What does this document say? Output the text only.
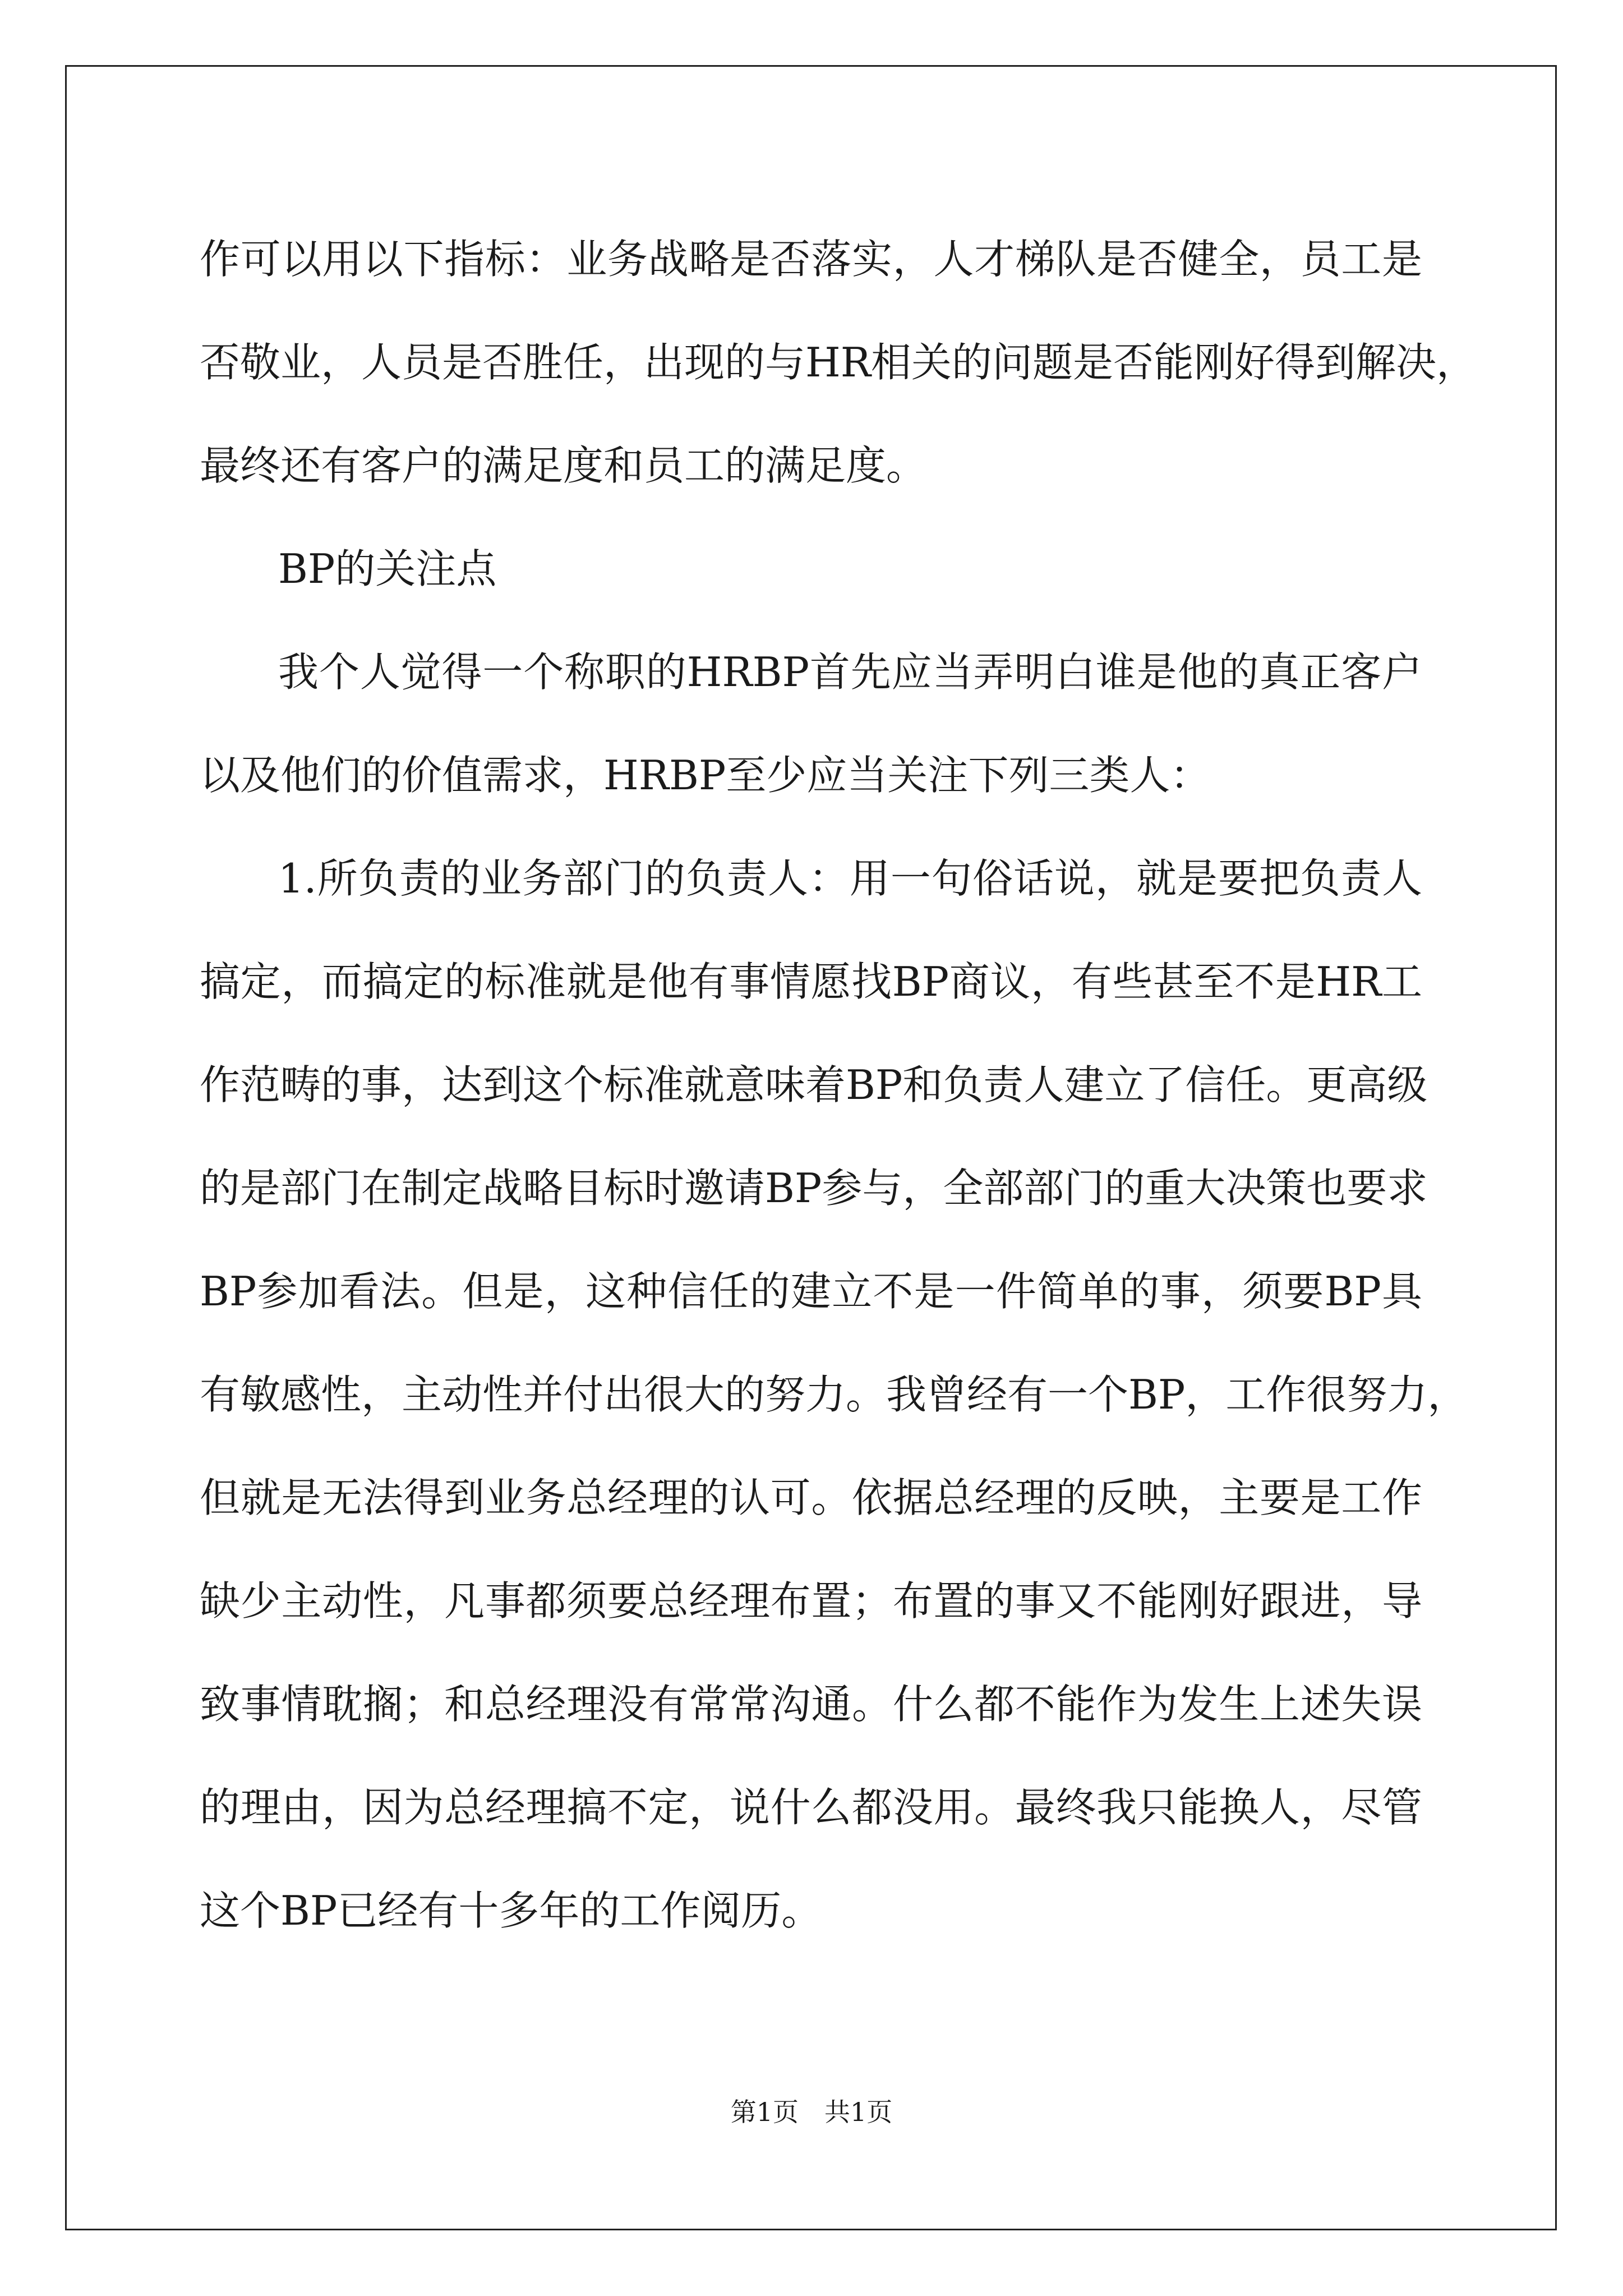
作可以用以下指标：业务战略是否落实，人才梯队是否健全，员工是
否敬业，人员是否胜任，出现的与HR相关的问题是否能刚好得到解决，
最终还有客户的满足度和员工的满足度。
BP的关注点
我个人觉得一个称职的HRBP首先应当弄明白谁是他的真正客户
以及他们的价值需求，HRBP至少应当关注下列三类人：
1.所负责的业务部门的负责人：用一句俗话说，就是要把负责人
搞定，而搞定的标准就是他有事情愿找BP商议，有些甚至不是HR工
作范畴的事，达到这个标准就意味着BP和负责人建立了信任。更高级
的是部门在制定战略目标时邀请BP参与，全部部门的重大决策也要求
BP参加看法。但是，这种信任的建立不是一件简单的事，须要BP具
有敏感性，主动性并付出很大的努力。我曾经有一个BP，工作很努力，
但就是无法得到业务总经理的认可。依据总经理的反映，主要是工作
缺少主动性，凡事都须要总经理布置；布置的事又不能刚好跟进，导
致事情耽搁；和总经理没有常常沟通。什么都不能作为发生上述失误
的理由，因为总经理搞不定，说什么都没用。最终我只能换人，尽管
这个BP已经有十多年的工作阅历。
第1页　共1页
